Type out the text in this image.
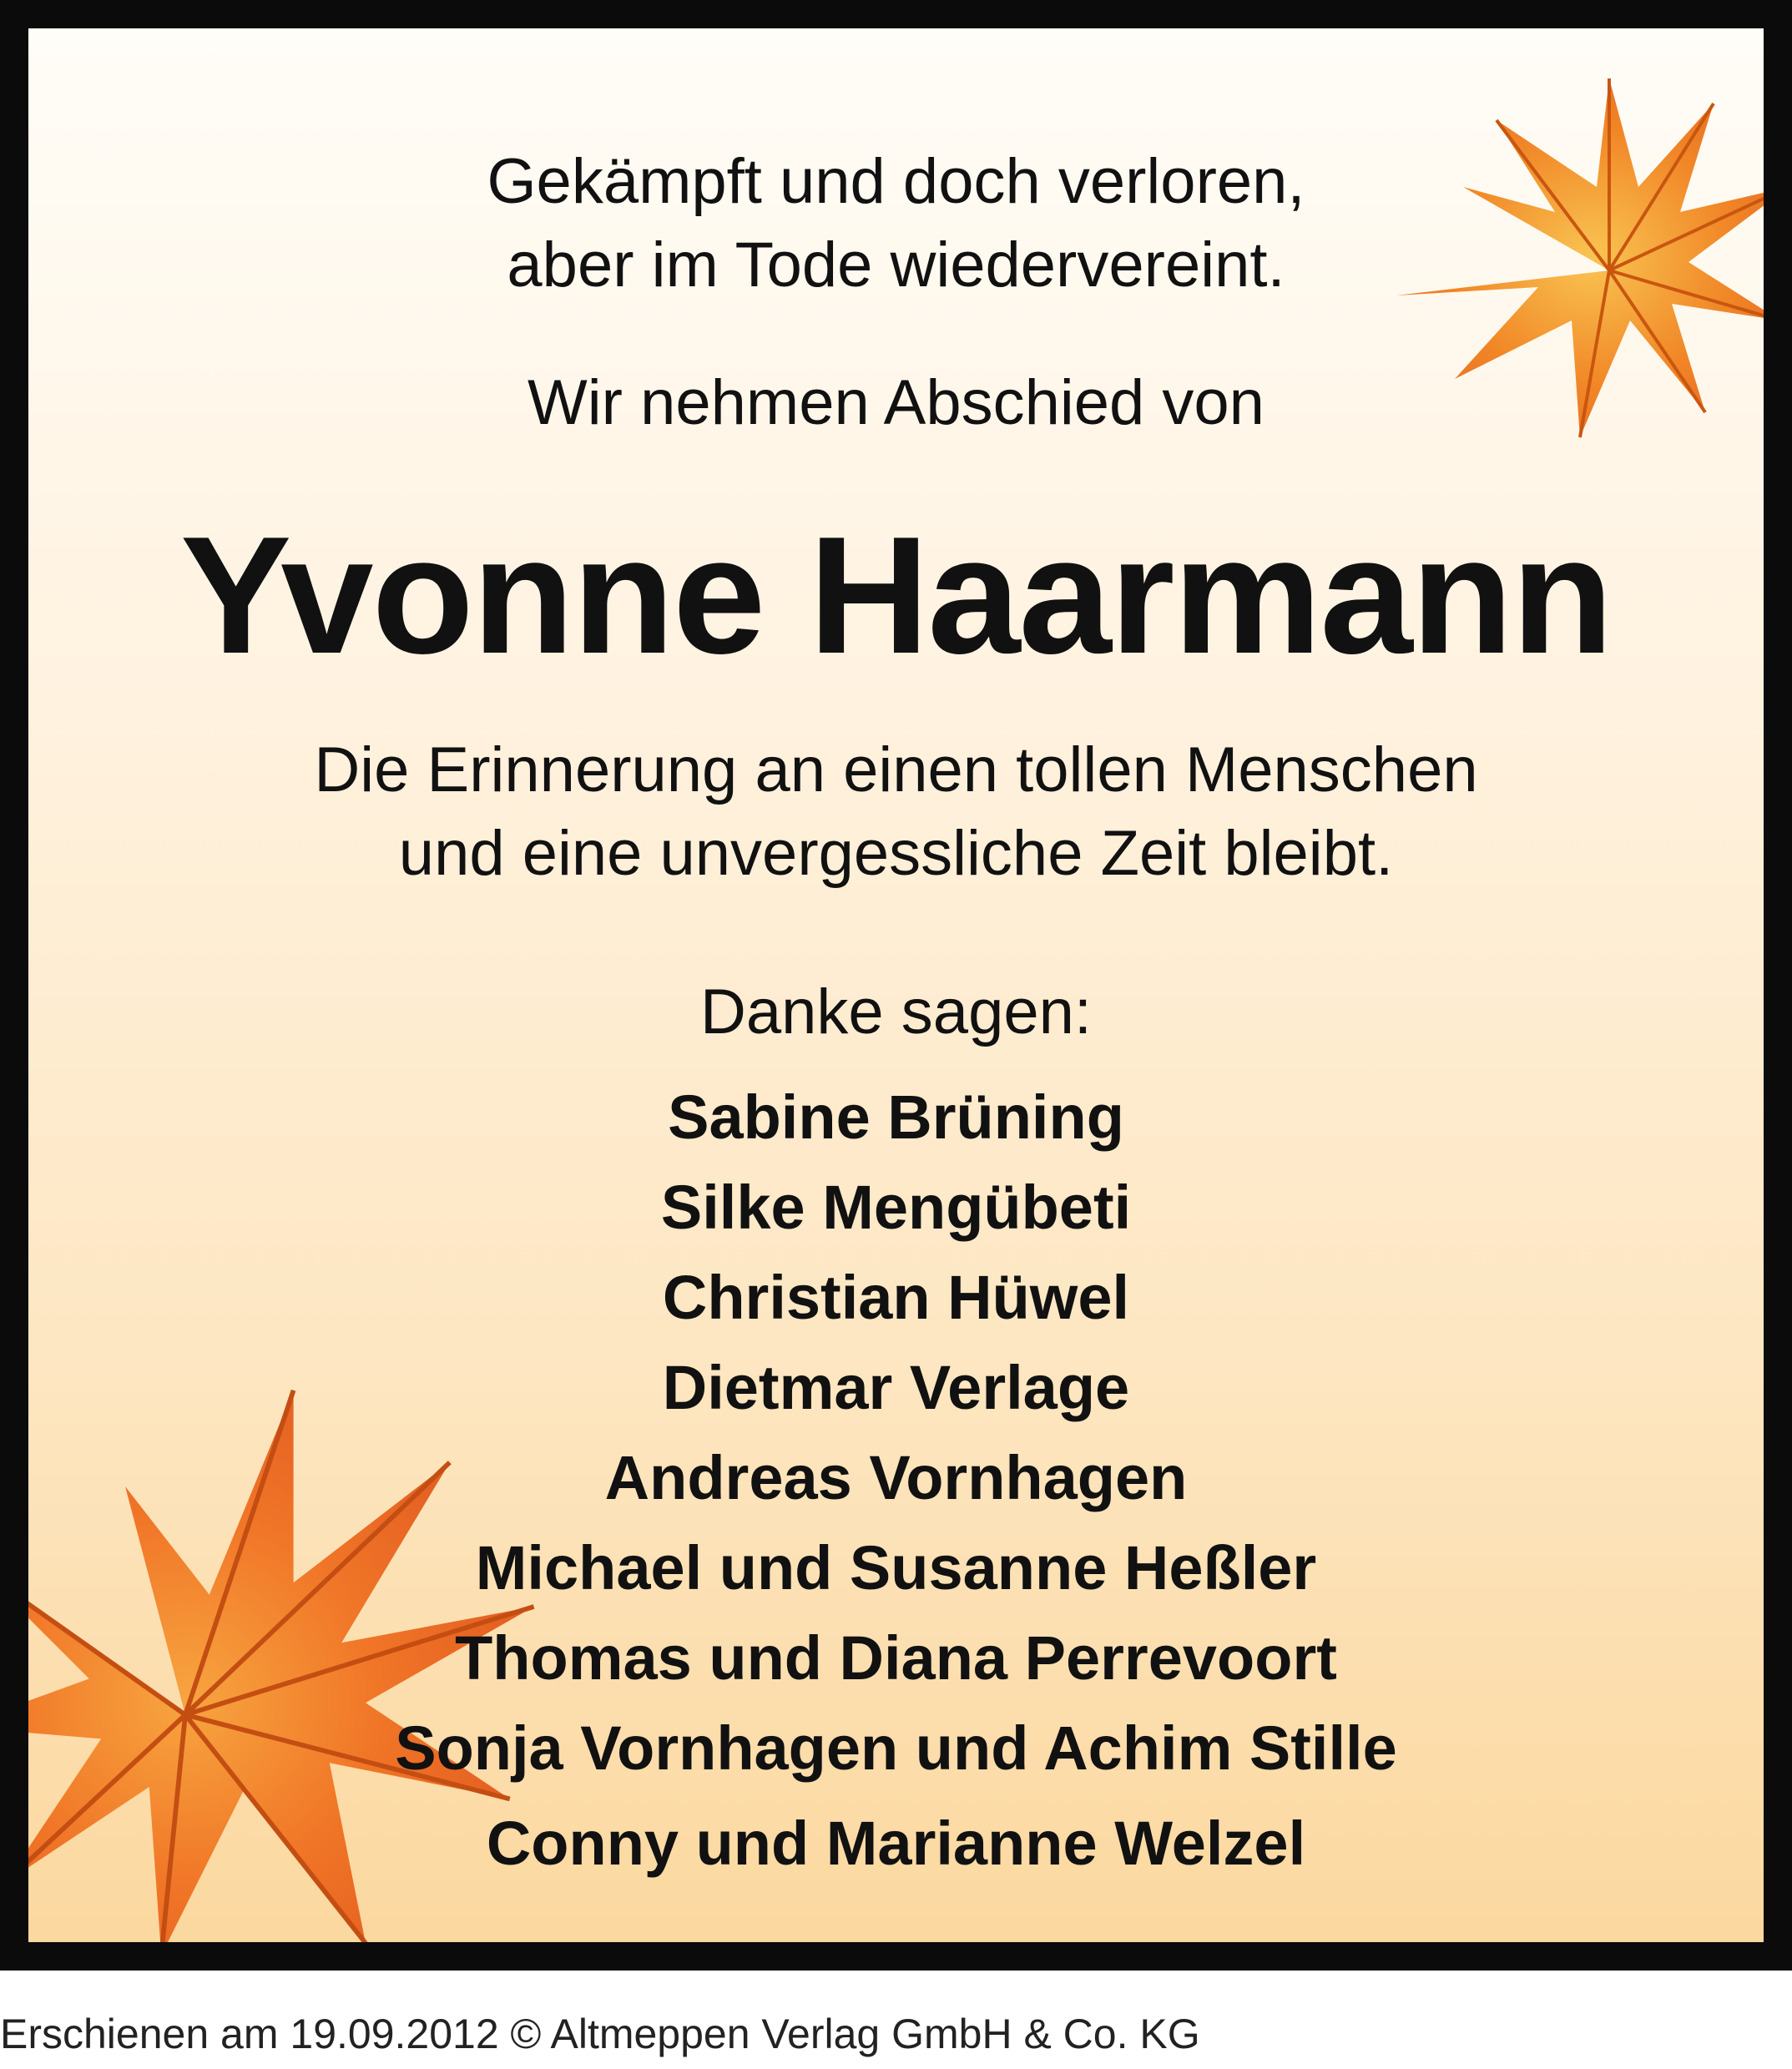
Gekämpft und doch verloren,

aber im Tode wiedervereint.

Wir nehmen Abschied von

Yvonne Haarmann

Die Erinnerung an einen tollen Menschen

und eine unvergessliche Zeit bleibt.

Danke sagen:

Sabine Brüning

Silke Mengübeti

Christian Hüwel

Dietmar Verlage

Andreas Vornhagen

Michael und Susanne Heßler

Thomas und Diana Perrevoort

Sonja Vornhagen und Achim Stille

Conny und Marianne Welzel

Erschienen am 19.09.2012 © Altmeppen Verlag GmbH & Co. KG
